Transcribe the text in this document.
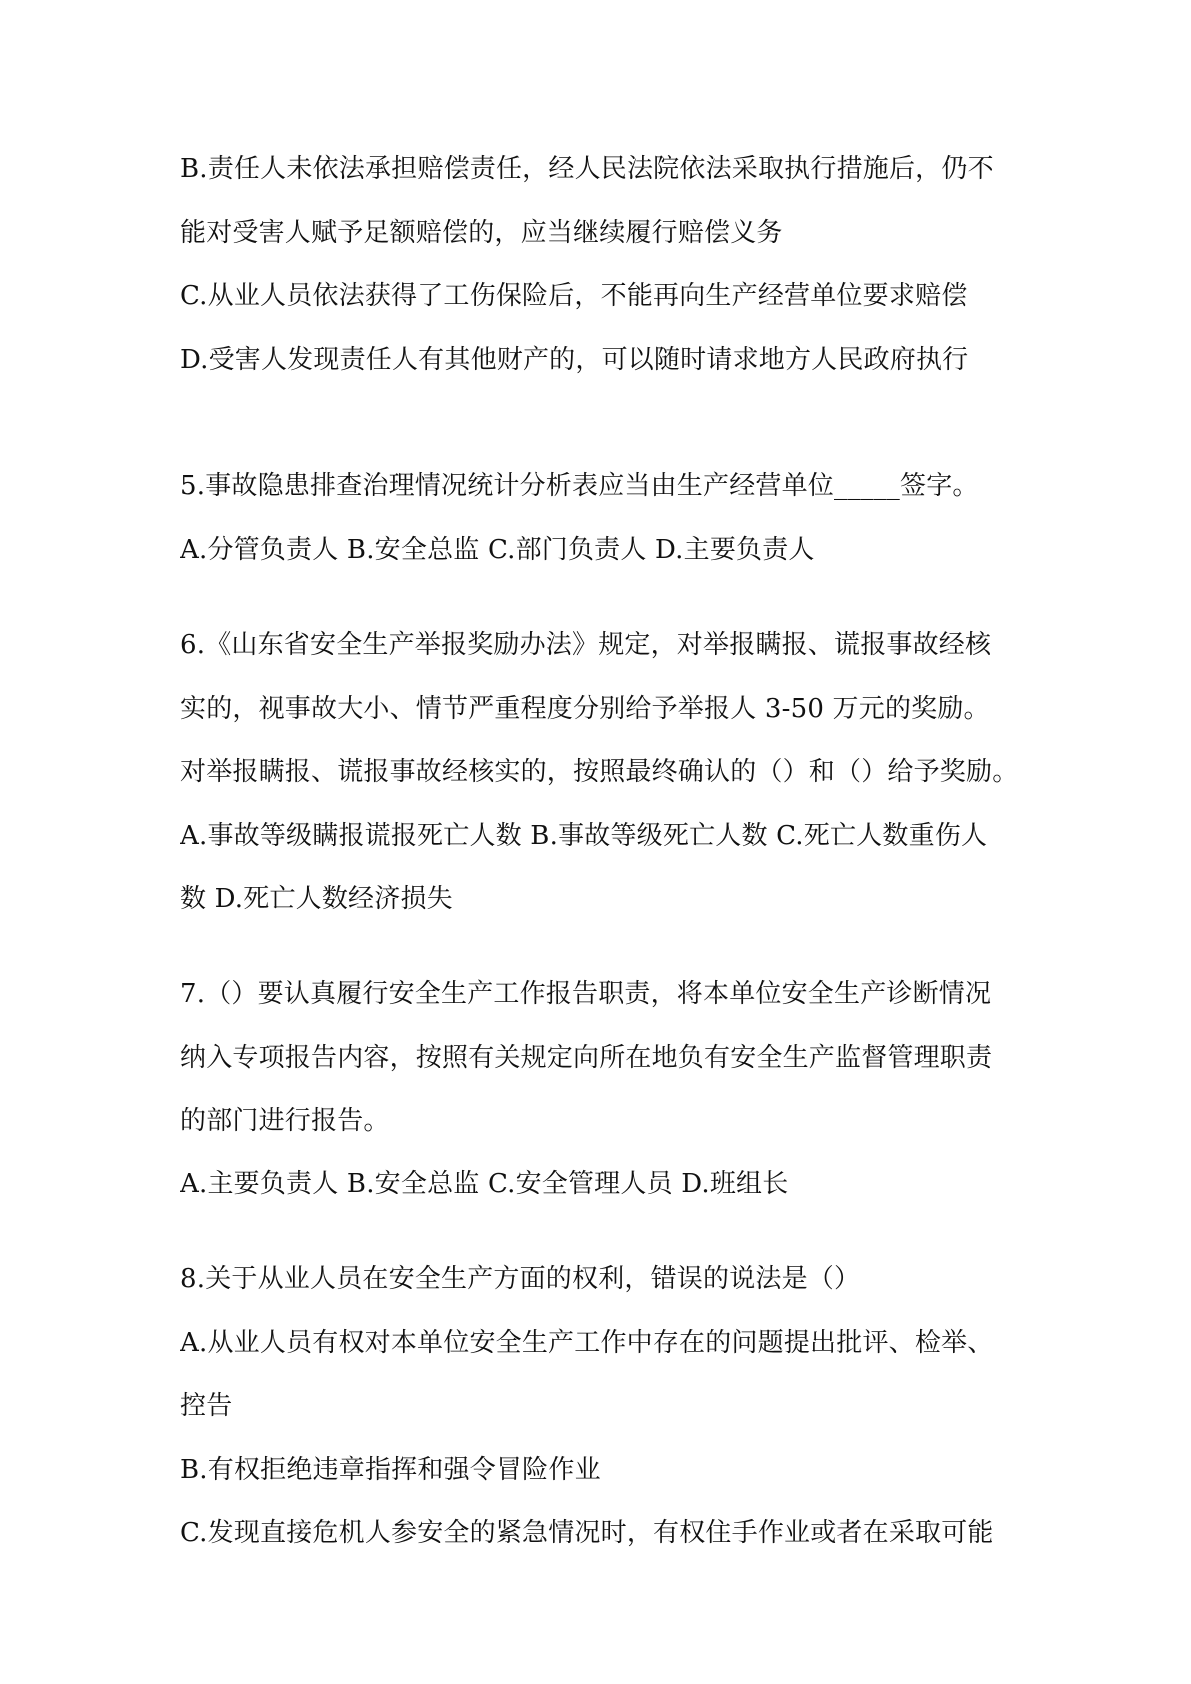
B.责任人未依法承担赔偿责任，经人民法院依法采取执行措施后，仍不
能对受害人赋予足额赔偿的，应当继续履行赔偿义务
C.从业人员依法获得了工伤保险后，不能再向生产经营单位要求赔偿
D.受害人发现责任人有其他财产的，可以随时请求地方人民政府执行
5.事故隐患排查治理情况统计分析表应当由生产经营单位_____签字。
A.分管负责人 B.安全总监 C.部门负责人 D.主要负责人
6.《山东省安全生产举报奖励办法》规定，对举报瞒报、谎报事故经核
实的，视事故大小、情节严重程度分别给予举报人 3-50 万元的奖励。
对举报瞒报、谎报事故经核实的，按照最终确认的（）和（）给予奖励。
A.事故等级瞒报谎报死亡人数 B.事故等级死亡人数 C.死亡人数重伤人
数 D.死亡人数经济损失
7.（）要认真履行安全生产工作报告职责，将本单位安全生产诊断情况
纳入专项报告内容，按照有关规定向所在地负有安全生产监督管理职责
的部门进行报告。
A.主要负责人 B.安全总监 C.安全管理人员 D.班组长
8.关于从业人员在安全生产方面的权利，错误的说法是（）
A.从业人员有权对本单位安全生产工作中存在的问题提出批评、检举、
控告
B.有权拒绝违章指挥和强令冒险作业
C.发现直接危机人参安全的紧急情况时，有权住手作业或者在采取可能
